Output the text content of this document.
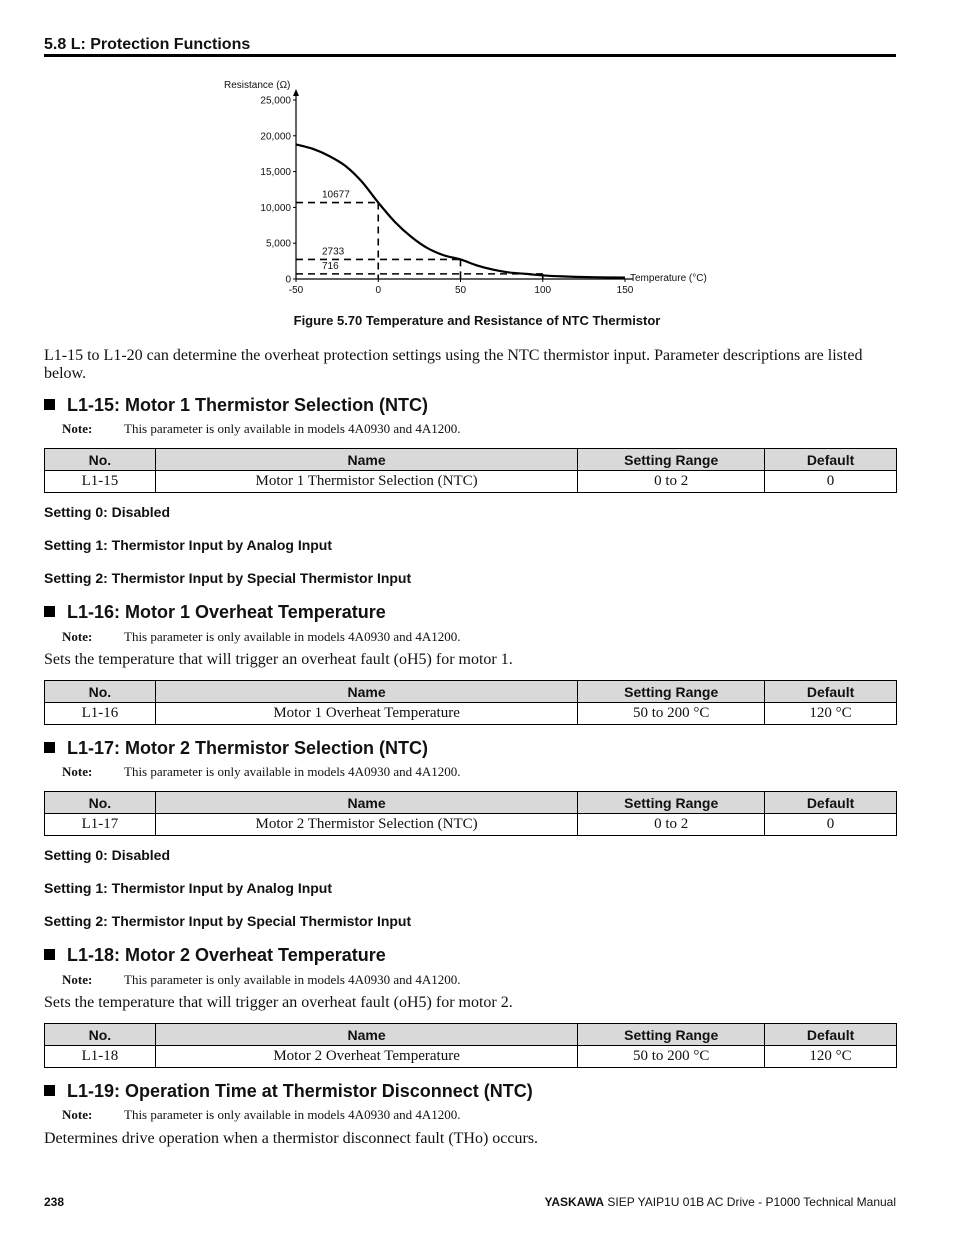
5.8 L: Protection Functions
Resistance (Ω)
Temperature (°C)
0
5,000
10,000
15,000
20,000
25,000
-50	0	50	100	150
10677
2733
716
Figure 5.70 Temperature and Resistance of NTC Thermistor
L1-15 to L1-20 can determine the overheat protection settings using the NTC thermistor input. Parameter descriptions are listed below.
L1-15: Motor 1 Thermistor Selection (NTC)
Note: This parameter is only available in models 4A0930 and 4A1200.
No.	Name	Setting Range	Default
L1-15	Motor 1 Thermistor Selection (NTC)	0 to 2	0
Setting 0: Disabled
Setting 1: Thermistor Input by Analog Input
Setting 2: Thermistor Input by Special Thermistor Input
L1-16: Motor 1 Overheat Temperature
Note: This parameter is only available in models 4A0930 and 4A1200.
Sets the temperature that will trigger an overheat fault (oH5) for motor 1.
No.	Name	Setting Range	Default
L1-16	Motor 1 Overheat Temperature	50 to 200 °C	120 °C
L1-17: Motor 2 Thermistor Selection (NTC)
Note: This parameter is only available in models 4A0930 and 4A1200.
No.	Name	Setting Range	Default
L1-17	Motor 2 Thermistor Selection (NTC)	0 to 2	0
Setting 0: Disabled
Setting 1: Thermistor Input by Analog Input
Setting 2: Thermistor Input by Special Thermistor Input
L1-18: Motor 2 Overheat Temperature
Note: This parameter is only available in models 4A0930 and 4A1200.
Sets the temperature that will trigger an overheat fault (oH5) for motor 2.
No.	Name	Setting Range	Default
L1-18	Motor 2 Overheat Temperature	50 to 200 °C	120 °C
L1-19: Operation Time at Thermistor Disconnect (NTC)
Note: This parameter is only available in models 4A0930 and 4A1200.
Determines drive operation when a thermistor disconnect fault (THo) occurs.
238	YASKAWA SIEP YAIP1U 01B AC Drive - P1000 Technical Manual
